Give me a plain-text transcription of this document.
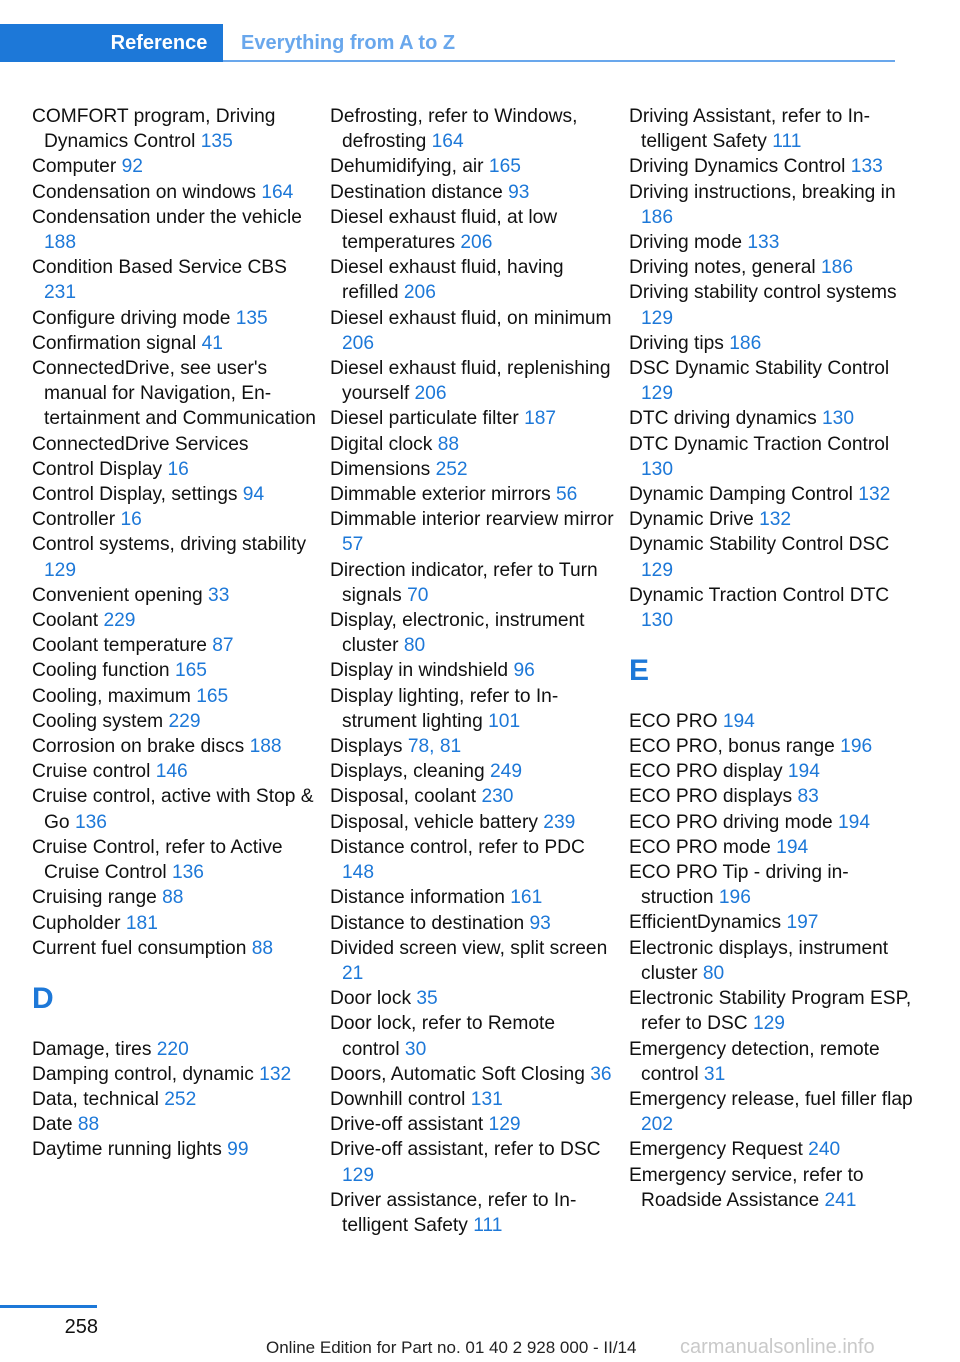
Reference	Everything from A to Z
COMFORT program, Driving Dynamics Control 135
Computer 92
Condensation on windows 164
Condensation under the vehicle 188
Condition Based Service CBS 231
Configure driving mode 135
Confirmation signal 41
ConnectedDrive, see user's manual for Navigation, Entertainment and Communication
ConnectedDrive Services
Control Display 16
Control Display, settings 94
Controller 16
Control systems, driving stability 129
Convenient opening 33
Coolant 229
Coolant temperature 87
Cooling function 165
Cooling, maximum 165
Cooling system 229
Corrosion on brake discs 188
Cruise control 146
Cruise control, active with Stop & Go 136
Cruise Control, refer to Active Cruise Control 136
Cruising range 88
Cupholder 181
Current fuel consumption 88
D
Damage, tires 220
Damping control, dynamic 132
Data, technical 252
Date 88
Daytime running lights 99
Defrosting, refer to Windows, defrosting 164
Dehumidifying, air 165
Destination distance 93
Diesel exhaust fluid, at low temperatures 206
Diesel exhaust fluid, having refilled 206
Diesel exhaust fluid, on minimum 206
Diesel exhaust fluid, replenishing yourself 206
Diesel particulate filter 187
Digital clock 88
Dimensions 252
Dimmable exterior mirrors 56
Dimmable interior rearview mirror 57
Direction indicator, refer to Turn signals 70
Display, electronic, instrument cluster 80
Display in windshield 96
Display lighting, refer to Instrument lighting 101
Displays 78, 81
Displays, cleaning 249
Disposal, coolant 230
Disposal, vehicle battery 239
Distance control, refer to PDC 148
Distance information 161
Distance to destination 93
Divided screen view, split screen 21
Door lock 35
Door lock, refer to Remote control 30
Doors, Automatic Soft Closing 36
Downhill control 131
Drive-off assistant 129
Drive-off assistant, refer to DSC 129
Driver assistance, refer to Intelligent Safety 111
Driving Assistant, refer to Intelligent Safety 111
Driving Dynamics Control 133
Driving instructions, breaking in 186
Driving mode 133
Driving notes, general 186
Driving stability control systems 129
Driving tips 186
DSC Dynamic Stability Control 129
DTC driving dynamics 130
DTC Dynamic Traction Control 130
Dynamic Damping Control 132
Dynamic Drive 132
Dynamic Stability Control DSC 129
Dynamic Traction Control DTC 130
E
ECO PRO 194
ECO PRO, bonus range 196
ECO PRO display 194
ECO PRO displays 83
ECO PRO driving mode 194
ECO PRO mode 194
ECO PRO Tip - driving instruction 196
EfficientDynamics 197
Electronic displays, instrument cluster 80
Electronic Stability Program ESP, refer to DSC 129
Emergency detection, remote control 31
Emergency release, fuel filler flap 202
Emergency Request 240
Emergency service, refer to Roadside Assistance 241
258
Online Edition for Part no. 01 40 2 928 000 - II/14 carmanualsonline.info
